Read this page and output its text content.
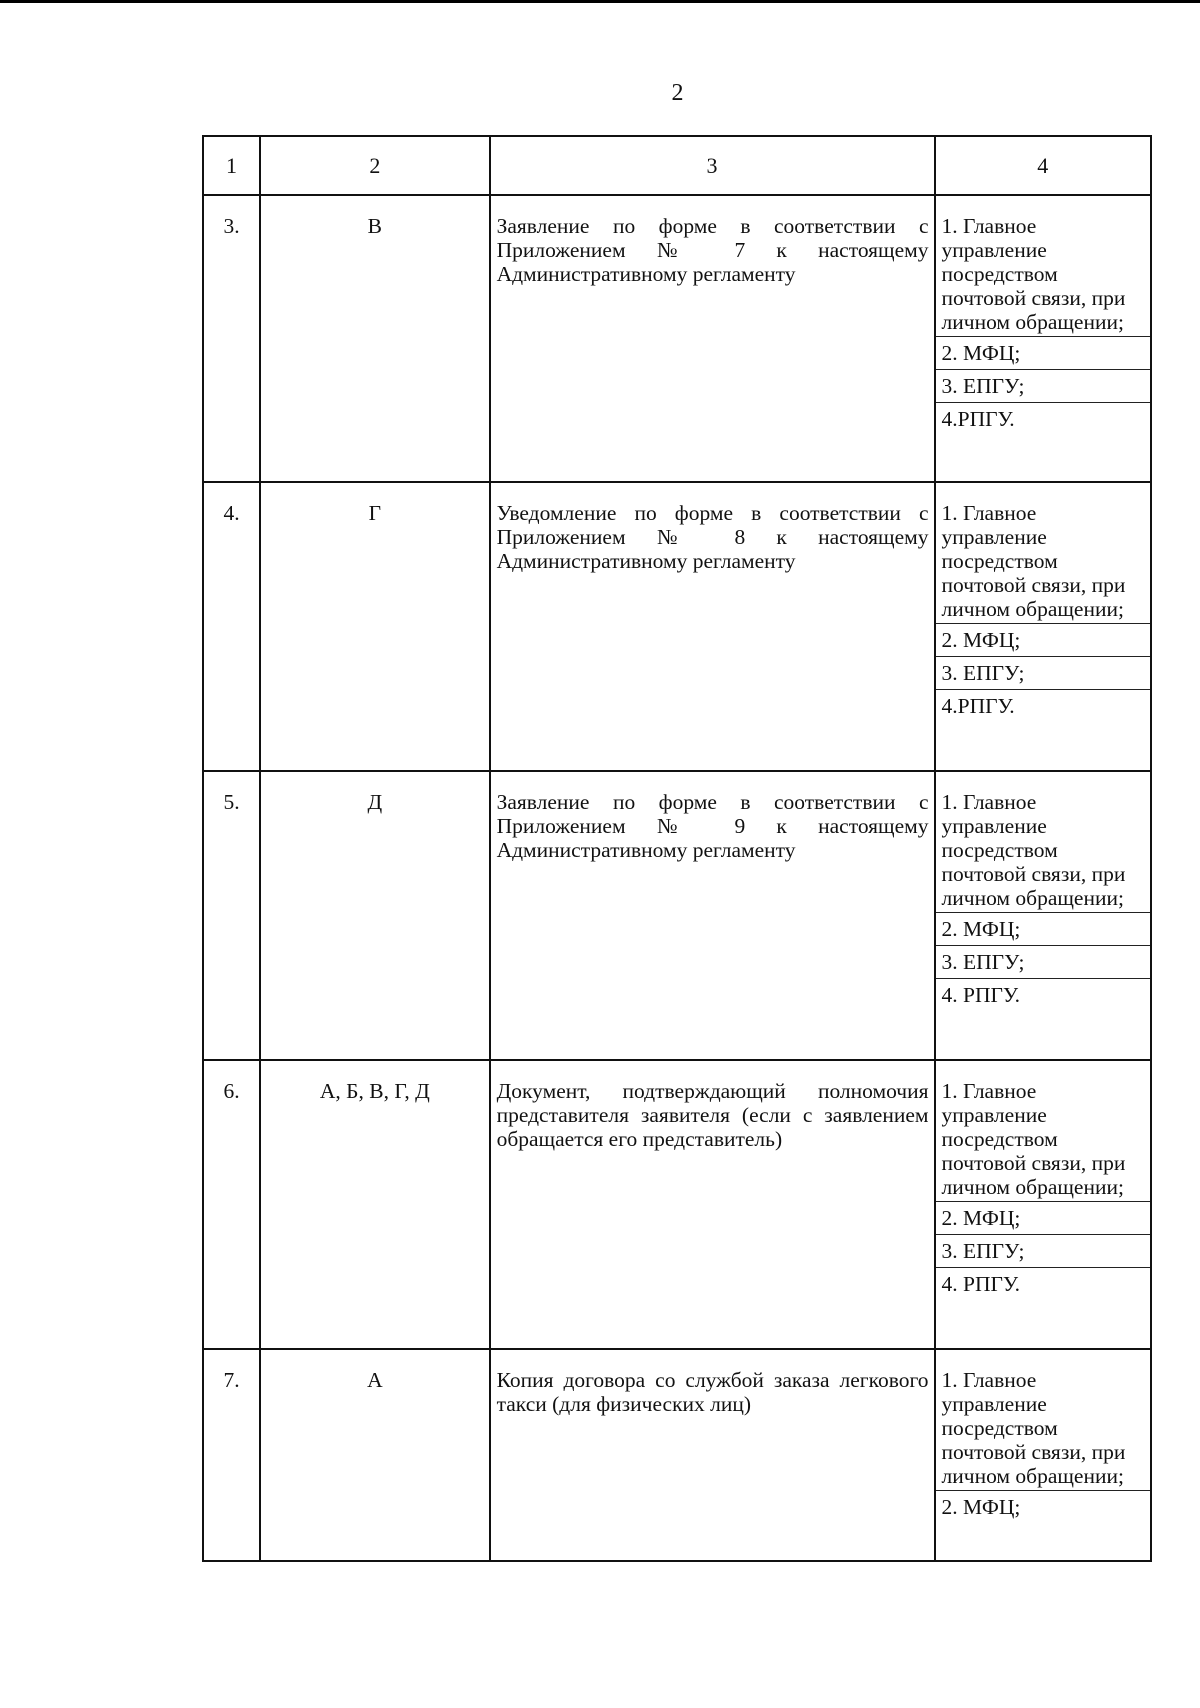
2
1	2	3	4
3.	В	Заявление по форме в соответствии с Приложением № 7 к настоящему Административному регламенту	1. Главное управление посредством почтовой связи, при личном обращении;
2. МФЦ;
3. ЕПГУ;
4.РПГУ.

4.	Г	Уведомление по форме в соответствии с Приложением № 8 к настоящему Административному регламенту	1. Главное управление посредством почтовой связи, при личном обращении;
2. МФЦ;
3. ЕПГУ;
4.РПГУ.

5.	Д	Заявление по форме в соответствии с Приложением № 9 к настоящему Административному регламенту	1. Главное управление посредством почтовой связи, при личном обращении;
2. МФЦ;
3. ЕПГУ;
4. РПГУ.

6.	А, Б, В, Г, Д	Документ, подтверждающий полномочия представителя заявителя (если с заявлением обращается его представитель)	1. Главное управление посредством почтовой связи, при личном обращении;
2. МФЦ;
3. ЕПГУ;
4. РПГУ.

7.	А	Копия договора со службой заказа легкового такси (для физических лиц)	1. Главное управление посредством почтовой связи, при личном обращении;
2. МФЦ;
